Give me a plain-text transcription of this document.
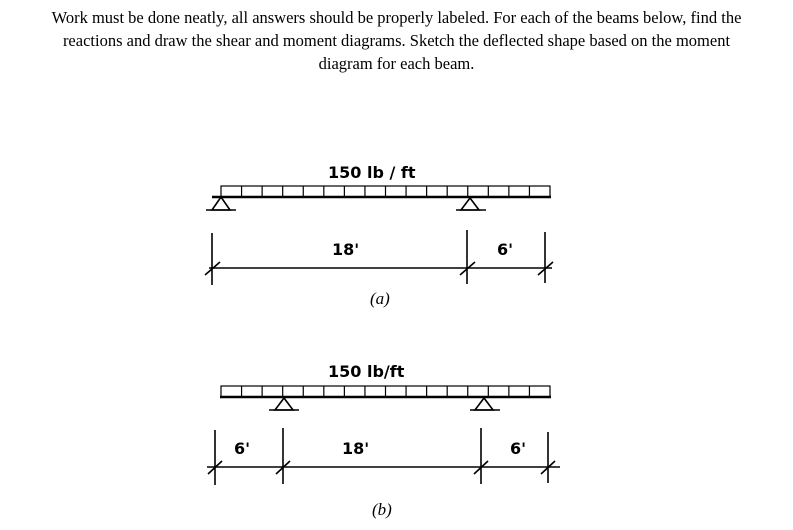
Work must be done neatly, all answers should be properly labeled. For each of the beams below, find the
reactions and draw the shear and moment diagrams. Sketch the deflected shape based on the moment
diagram for each beam.
150 lb / ft
18'	6'
(a)
150 lb/ft
6'	18'	6'
(b)
